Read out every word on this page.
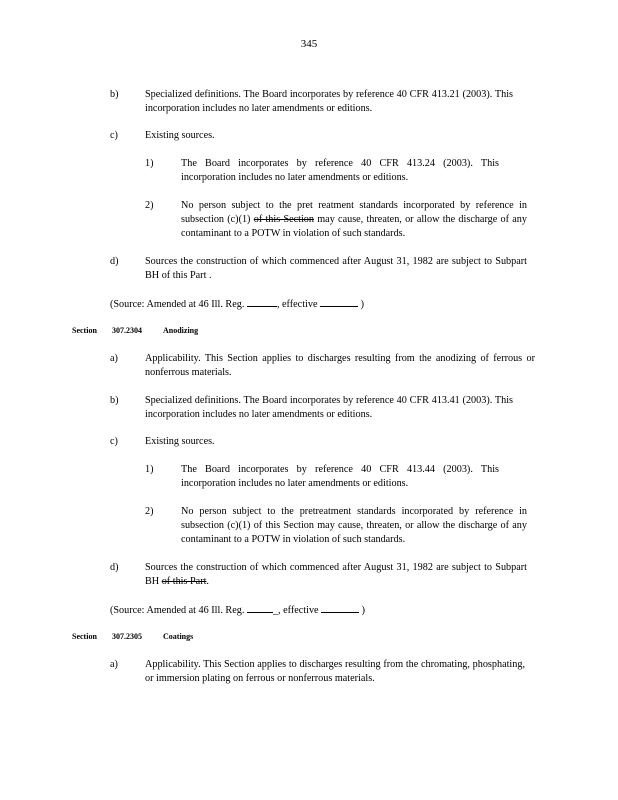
345
b)	Specialized definitions. The Board incorporates by reference 40 CFR 413.21 (2003). This incorporation includes no later amendments or editions.
c)	Existing sources.
1)	The Board incorporates by reference 40 CFR 413.24 (2003). This incorporation includes no later amendments or editions.
2)	No person subject to the pret reatment standards incorporated by reference in subsection (c)(1) of this Section may cause, threaten, or allow the discharge of any contaminant to a POTW in violation of such standards.
d)	Sources the construction of which commenced after August 31, 1982 are subject to Subpart BH of this Part .
(Source: Amended at 46 Ill. Reg.	, effective	)
Section 307.2304	Anodizing
a)	Applicability. This Section applies to discharges resulting from the anodizing of ferrous or nonferrous materials.
b)	Specialized definitions. The Board incorporates by reference 40 CFR 413.41 (2003). This incorporation includes no later amendments or editions.
c)	Existing sources.
1)	The Board incorporates by reference 40 CFR 413.44 (2003). This incorporation includes no later amendments or editions.
2)	No person subject to the pretreatment standards incorporated by reference in subsection (c)(1) of this Section may cause, threaten, or allow the discharge of any contaminant to a POTW in violation of such standards.
d)	Sources the construction of which commenced after August 31, 1982 are subject to Subpart BH of this Part.
(Source: Amended at 46 Ill. Reg.	_, effective	)
Section 307.2305	Coatings
a)	Applicability. This Section applies to discharges resulting from the chromating, phosphating, or immersion plating on ferrous or nonferrous materials.
